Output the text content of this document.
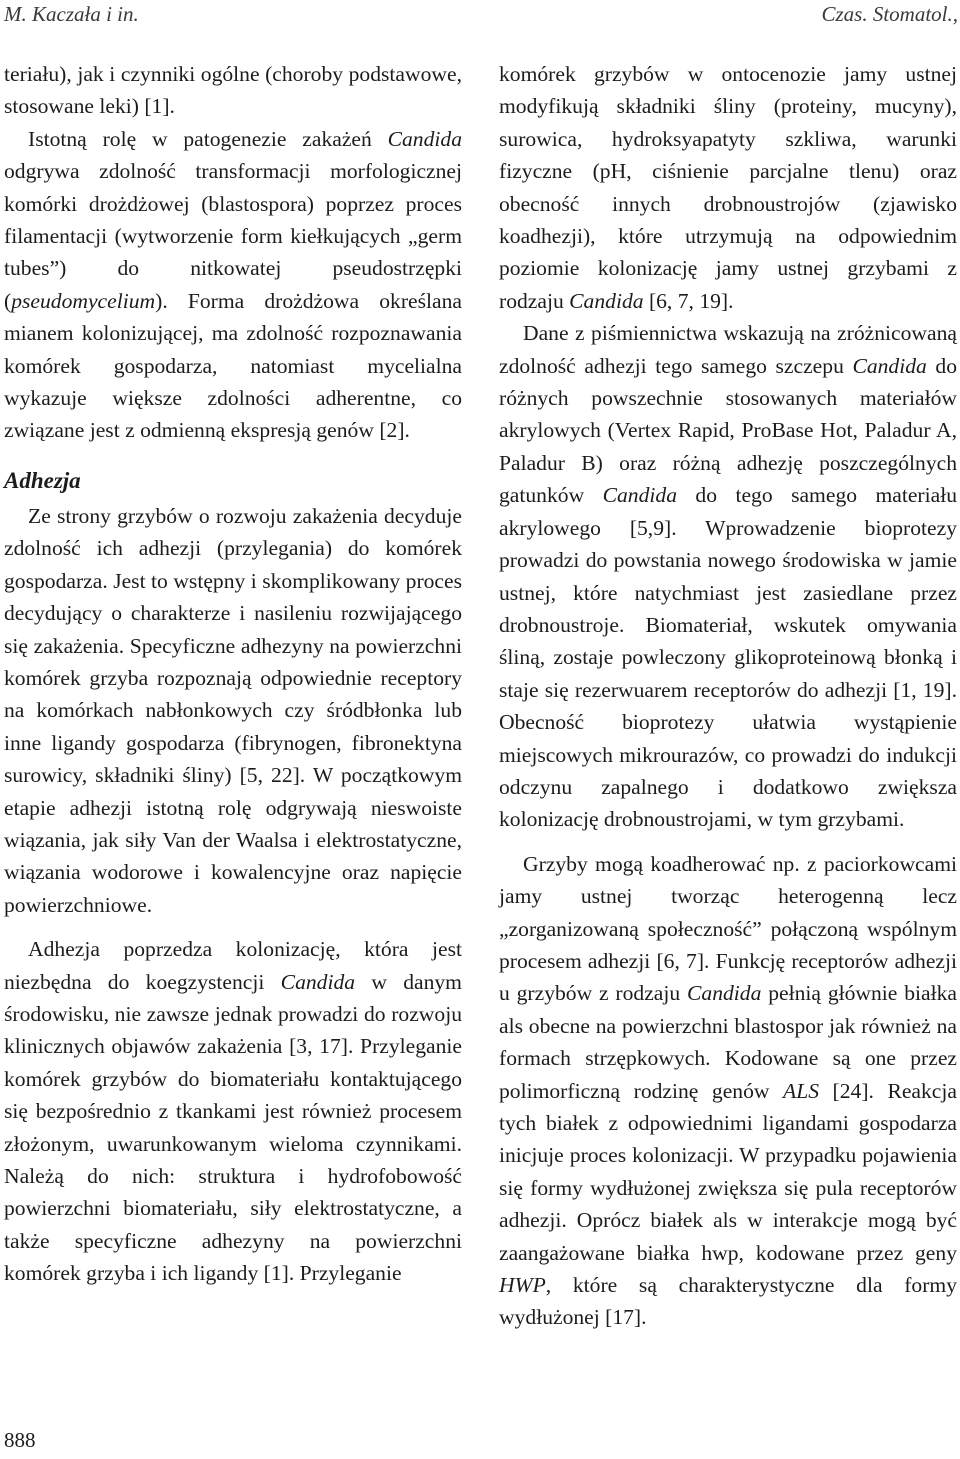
M. Kaczała i in.	Czas. Stomatol.,

teriału), jak i czynniki ogólne (choroby podstawowe, stosowane leki) [1].

Istotną rolę w patogenezie zakażeń Candida odgrywa zdolność transformacji morfologicznej komórki drożdżowej (blastospora) poprzez proces filamentacji (wytworzenie form kiełkujących „germ tubes”) do nitkowatej pseudostrzępki (pseudomycelium). Forma drożdżowa określana mianem kolonizującej, ma zdolność rozpoznawania komórek gospodarza, natomiast mycelialna wykazuje większe zdolności adherentne, co związane jest z odmienną ekspresją genów [2].

Adhezja

Ze strony grzybów o rozwoju zakażenia decyduje zdolność ich adhezji (przylegania) do komórek gospodarza. Jest to wstępny i skomplikowany proces decydujący o charakterze i nasileniu rozwijającego się zakażenia. Specyficzne adhezyny na powierzchni komórek grzyba rozpoznają odpowiednie receptory na komórkach nabłonkowych czy śródbłonka lub inne ligandy gospodarza (fibrynogen, fibronektyna surowicy, składniki śliny) [5, 22]. W początkowym etapie adhezji istotną rolę odgrywają nieswoiste wiązania, jak siły Van der Waalsa i elektrostatyczne, wiązania wodorowe i kowalencyjne oraz napięcie powierzchniowe.

Adhezja poprzedza kolonizację, która jest niezbędna do koegzystencji Candida w danym środowisku, nie zawsze jednak prowadzi do rozwoju klinicznych objawów zakażenia [3, 17]. Przyleganie komórek grzybów do biomateriału kontaktującego się bezpośrednio z tkankami jest również procesem złożonym, uwarunkowanym wieloma czynnikami. Należą do nich: struktura i hydrofobowość powierzchni biomateriału, siły elektrostatyczne, a także specyficzne adhezyny na powierzchni komórek grzyba i ich ligandy [1]. Przyleganie

komórek grzybów w ontocenozie jamy ustnej modyfikują składniki śliny (proteiny, mucyny), surowica, hydroksyapatyty szkliwa, warunki fizyczne (pH, ciśnienie parcjalne tlenu) oraz obecność innych drobnoustrojów (zjawisko koadhezji), które utrzymują na odpowiednim poziomie kolonizację jamy ustnej grzybami z rodzaju Candida [6, 7, 19].

Dane z piśmiennictwa wskazują na zróżnicowaną zdolność adhezji tego samego szczepu Candida do różnych powszechnie stosowanych materiałów akrylowych (Vertex Rapid, ProBase Hot, Paladur A, Paladur B) oraz różną adhezję poszczególnych gatunków Candida do tego samego materiału akrylowego [5,9]. Wprowadzenie bioprotezy prowadzi do powstania nowego środowiska w jamie ustnej, które natychmiast jest zasiedlane przez drobnoustroje. Biomateriał, wskutek omywania śliną, zostaje powleczony glikoproteinową błonką i staje się rezerwuarem receptorów do adhezji [1, 19]. Obecność bioprotezy ułatwia wystąpienie miejscowych mikrourazów, co prowadzi do indukcji odczynu zapalnego i dodatkowo zwiększa kolonizację drobnoustrojami, w tym grzybami.

Grzyby mogą koadherować np. z paciorkowcami jamy ustnej tworząc heterogenną lecz „zorganizowaną społeczność” połączoną wspólnym procesem adhezji [6, 7]. Funkcję receptorów adhezji u grzybów z rodzaju Candida pełnią głównie białka als obecne na powierzchni blastospor jak również na formach strzępkowych. Kodowane są one przez polimorficzną rodzinę genów ALS [24]. Reakcja tych białek z odpowiednimi ligandami gospodarza inicjuje proces kolonizacji. W przypadku pojawienia się formy wydłużonej zwiększa się pula receptorów adhezji. Oprócz białek als w interakcje mogą być zaangażowane białka hwp, kodowane przez geny HWP, które są charakterystyczne dla formy wydłużonej [17].

888
